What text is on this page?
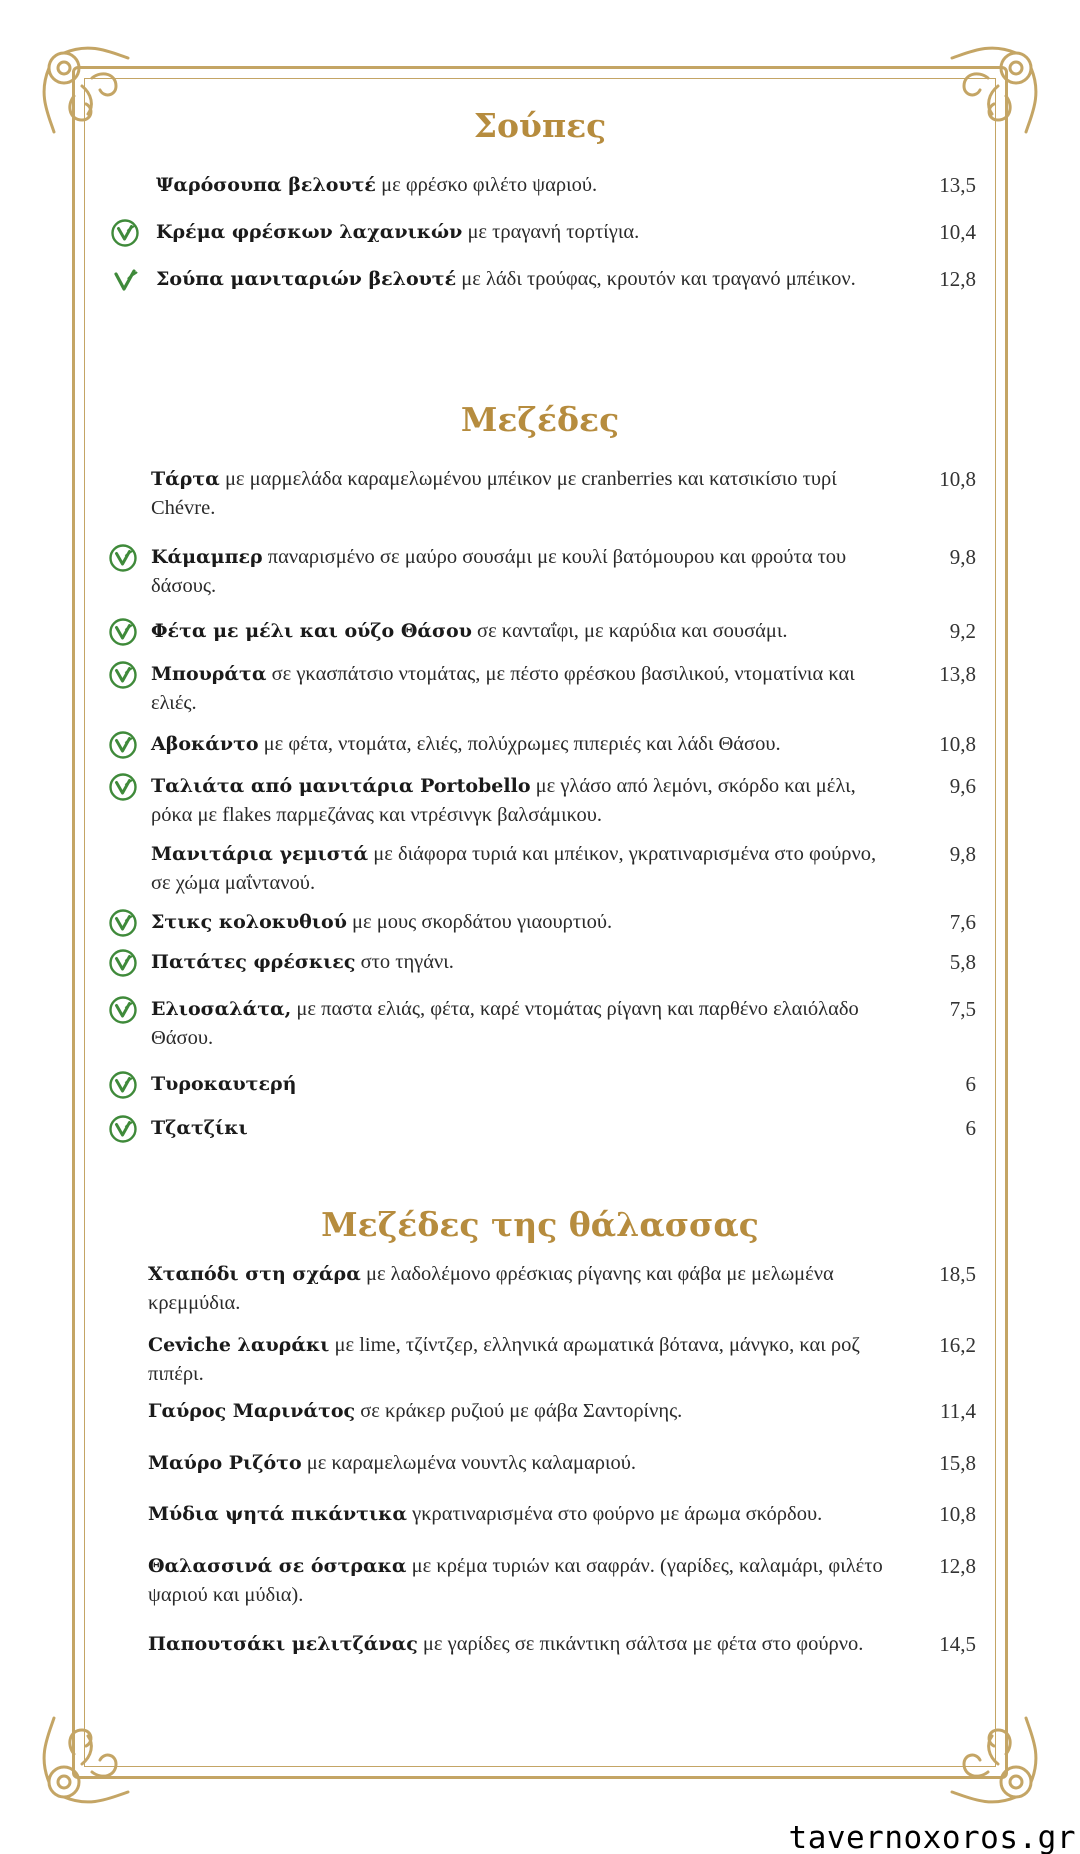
Σούπες
Ψαρόσουπα βελουτέ με φρέσκο φιλέτο ψαριού.	13,5
Κρέμα φρέσκων λαχανικών με τραγανή τορτίγια.	10,4
Σούπα μανιταριών βελουτέ με λάδι τρούφας, κρουτόν και τραγανό μπέικον.	12,8
Μεζέδες
Τάρτα με μαρμελάδα καραμελωμένου μπέικον με cranberries και κατσικίσιο τυρί Chévre.
10,8
Κάμαμπερ παναρισμένο σε μαύρο σουσάμι με κουλί βατόμουρου και φρούτα του δάσους.
9,8
Φέτα με μέλι και ούζο Θάσου σε κανταΐφι, με καρύδια και σουσάμι.	9,2
Μπουράτα σε γκασπάτσιο ντομάτας, με πέστο φρέσκου βασιλικού, ντοματίνια και ελιές.
13,8
Αβοκάντο με φέτα, ντομάτα, ελιές, πολύχρωμες πιπεριές και λάδι Θάσου.	10,8
Ταλιάτα από μανιτάρια Portobello με γλάσο από λεμόνι, σκόρδο και μέλι, ρόκα με flakes παρμεζάνας και ντρέσινγκ βαλσάμικου.
9,6
Μανιτάρια γεμιστά με διάφορα τυριά και μπέικον, γκρατιναρισμένα στο φούρνο, σε χώμα μαΐντανού.
9,8
Στικς κολοκυθιού με μους σκορδάτου γιαουρτιού.	7,6
Πατάτες φρέσκιες στο τηγάνι.	5,8
Ελιοσαλάτα, με παστα ελιάς, φέτα, καρέ ντομάτας ρίγανη και παρθένο ελαιόλαδο Θάσου.
7,5
Τυροκαυτερή	6
Τζατζίκι	6
Μεζέδες της θάλασσας
Χταπόδι στη σχάρα με λαδολέμονο φρέσκιας ρίγανης και φάβα με μελωμένα κρεμμύδια.
18,5
Ceviche λαυράκι με lime, τζίντζερ, ελληνικά αρωματικά βότανα, μάνγκο, και ροζ πιπέρι.
16,2
Γαύρος Μαρινάτος σε κράκερ ρυζιού με φάβα Σαντορίνης.	11,4
Μαύρο Ριζότο με καραμελωμένα νουντλς καλαμαριού.	15,8
Μύδια ψητά πικάντικα γκρατιναρισμένα στο φούρνο με άρωμα σκόρδου.	10,8
Θαλασσινά σε όστρακα με κρέμα τυριών και σαφράν. (γαρίδες, καλαμάρι, φιλέτο ψαριού και μύδια).
12,8
Παπουτσάκι μελιτζάνας με γαρίδες σε πικάντικη σάλτσα με φέτα στο φούρνο.	14,5
tavernoxoros.gr
